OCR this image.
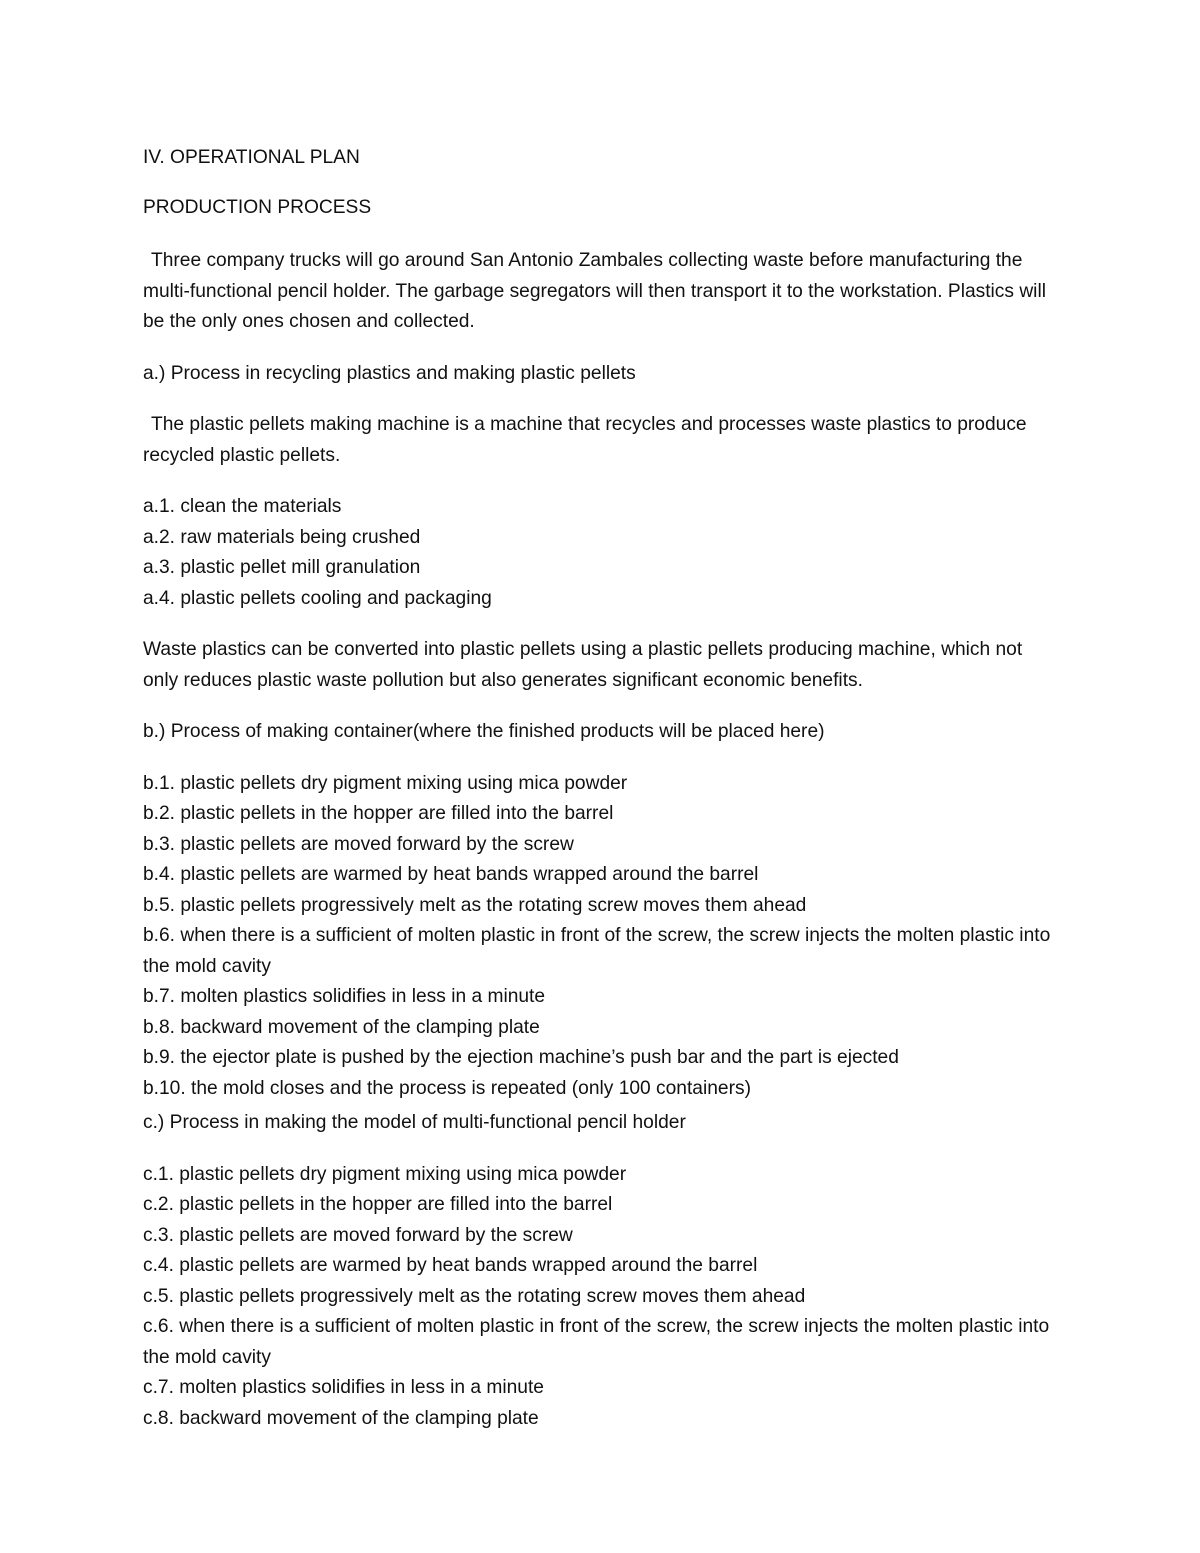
IV. OPERATIONAL PLAN

PRODUCTION PROCESS

Three company trucks will go around San Antonio Zambales collecting waste before manufacturing the multi-functional pencil holder. The garbage segregators will then transport it to the workstation. Plastics will be the only ones chosen and collected.

a.) Process in recycling plastics and making plastic pellets

The plastic pellets making machine is a machine that recycles and processes waste plastics to produce recycled plastic pellets.

a.1. clean the materials

a.2. raw materials being crushed

a.3. plastic pellet mill granulation

a.4. plastic pellets cooling and packaging

Waste plastics can be converted into plastic pellets using a plastic pellets producing machine, which not only reduces plastic waste pollution but also generates significant economic benefits.

b.) Process of making container(where the finished products will be placed here)

b.1. plastic pellets dry pigment mixing using mica powder

b.2. plastic pellets in the hopper are filled into the barrel

b.3. plastic pellets are moved forward by the screw

b.4. plastic pellets are warmed by heat bands wrapped around the barrel

b.5. plastic pellets progressively melt as the rotating screw moves them ahead

b.6. when there is a sufficient of molten plastic in front of the screw, the screw injects the molten plastic into the mold cavity

b.7. molten plastics solidifies in less in a minute

b.8. backward movement of the clamping plate

b.9. the ejector plate is pushed by the ejection machine’s push bar and the part is ejected

b.10. the mold closes and the process is repeated (only 100 containers)

c.) Process in making the model of multi-functional pencil holder

c.1. plastic pellets dry pigment mixing using mica powder

c.2. plastic pellets in the hopper are filled into the barrel

c.3. plastic pellets are moved forward by the screw

c.4. plastic pellets are warmed by heat bands wrapped around the barrel

c.5. plastic pellets progressively melt as the rotating screw moves them ahead

c.6. when there is a sufficient of molten plastic in front of the screw, the screw injects the molten plastic into the mold cavity

c.7. molten plastics solidifies in less in a minute

c.8. backward movement of the clamping plate
